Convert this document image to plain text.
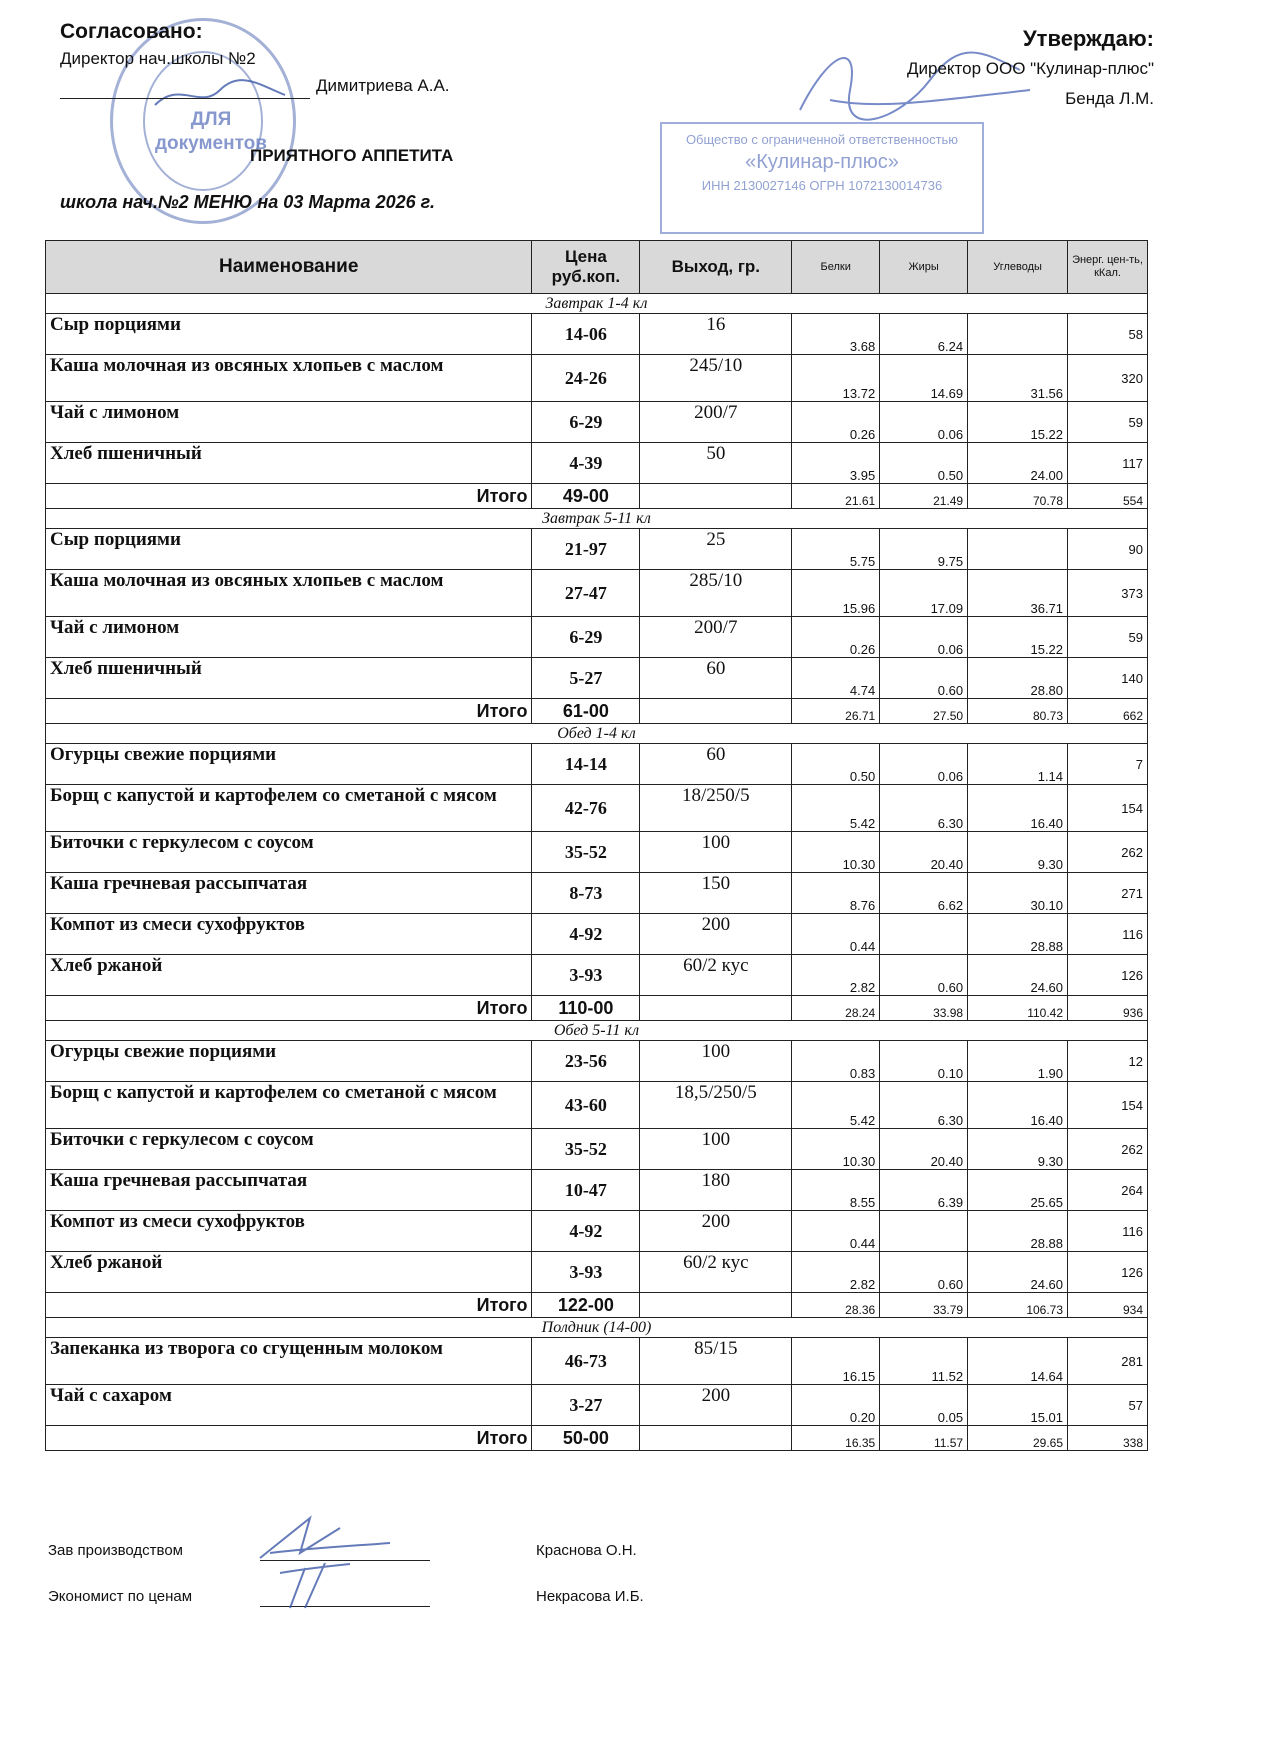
ДЛЯ
документов	Общество с ограниченной ответственностью
«Кулинар-плюс»
ИНН 2130027146 ОГРН 1072130014736
Согласовано:
Директор нач.школы №2
Димитриева А.А.
Утверждаю:
Директор ООО "Кулинар-плюс"
Бенда Л.М.
ПРИЯТНОГО АППЕТИТА
школа нач.№2 МЕНЮ на 03 Марта 2026 г.
Наименование	Цена руб.коп.	Выход, гр.	Белки	Жиры	Углеводы	Энерг. цен-ть, кКал.
Завтрак 1-4 кл						
Сыр порциями	14-06	16	3.68	6.24		58
Каша молочная из овсяных хлопьев с маслом	24-26	245/10	13.72	14.69	31.56	320
Чай с лимоном	6-29	200/7	0.26	0.06	15.22	59
Хлеб пшеничный	4-39	50	3.95	0.50	24.00	117
Итого	49-00		21.61	21.49	70.78	554
Завтрак 5-11 кл						
Сыр порциями	21-97	25	5.75	9.75		90
Каша молочная из овсяных хлопьев с маслом	27-47	285/10	15.96	17.09	36.71	373
Чай с лимоном	6-29	200/7	0.26	0.06	15.22	59
Хлеб пшеничный	5-27	60	4.74	0.60	28.80	140
Итого	61-00		26.71	27.50	80.73	662
Обед 1-4 кл						
Огурцы свежие порциями	14-14	60	0.50	0.06	1.14	7
Борщ с капустой и картофелем со сметаной с мясом	42-76	18/250/5	5.42	6.30	16.40	154
Биточки с геркулесом с соусом	35-52	100	10.30	20.40	9.30	262
Каша гречневая рассыпчатая	8-73	150	8.76	6.62	30.10	271
Компот из смеси сухофруктов	4-92	200	0.44		28.88	116
Хлеб ржаной	3-93	60/2 кус	2.82	0.60	24.60	126
Итого	110-00		28.24	33.98	110.42	936
Обед 5-11 кл						
Огурцы свежие порциями	23-56	100	0.83	0.10	1.90	12
Борщ с капустой и картофелем со сметаной с мясом	43-60	18,5/250/5	5.42	6.30	16.40	154
Биточки с геркулесом с соусом	35-52	100	10.30	20.40	9.30	262
Каша гречневая рассыпчатая	10-47	180	8.55	6.39	25.65	264
Компот из смеси сухофруктов	4-92	200	0.44		28.88	116
Хлеб ржаной	3-93	60/2 кус	2.82	0.60	24.60	126
Итого	122-00		28.36	33.79	106.73	934
Полдник (14-00)						
Запеканка из творога со сгущенным молоком	46-73	85/15	16.15	11.52	14.64	281
Чай с сахаром	3-27	200	0.20	0.05	15.01	57
Итого	50-00		16.35	11.57	29.65	338
Зав производством	Краснова О.Н.
Экономист по ценам	Некрасова И.Б.
